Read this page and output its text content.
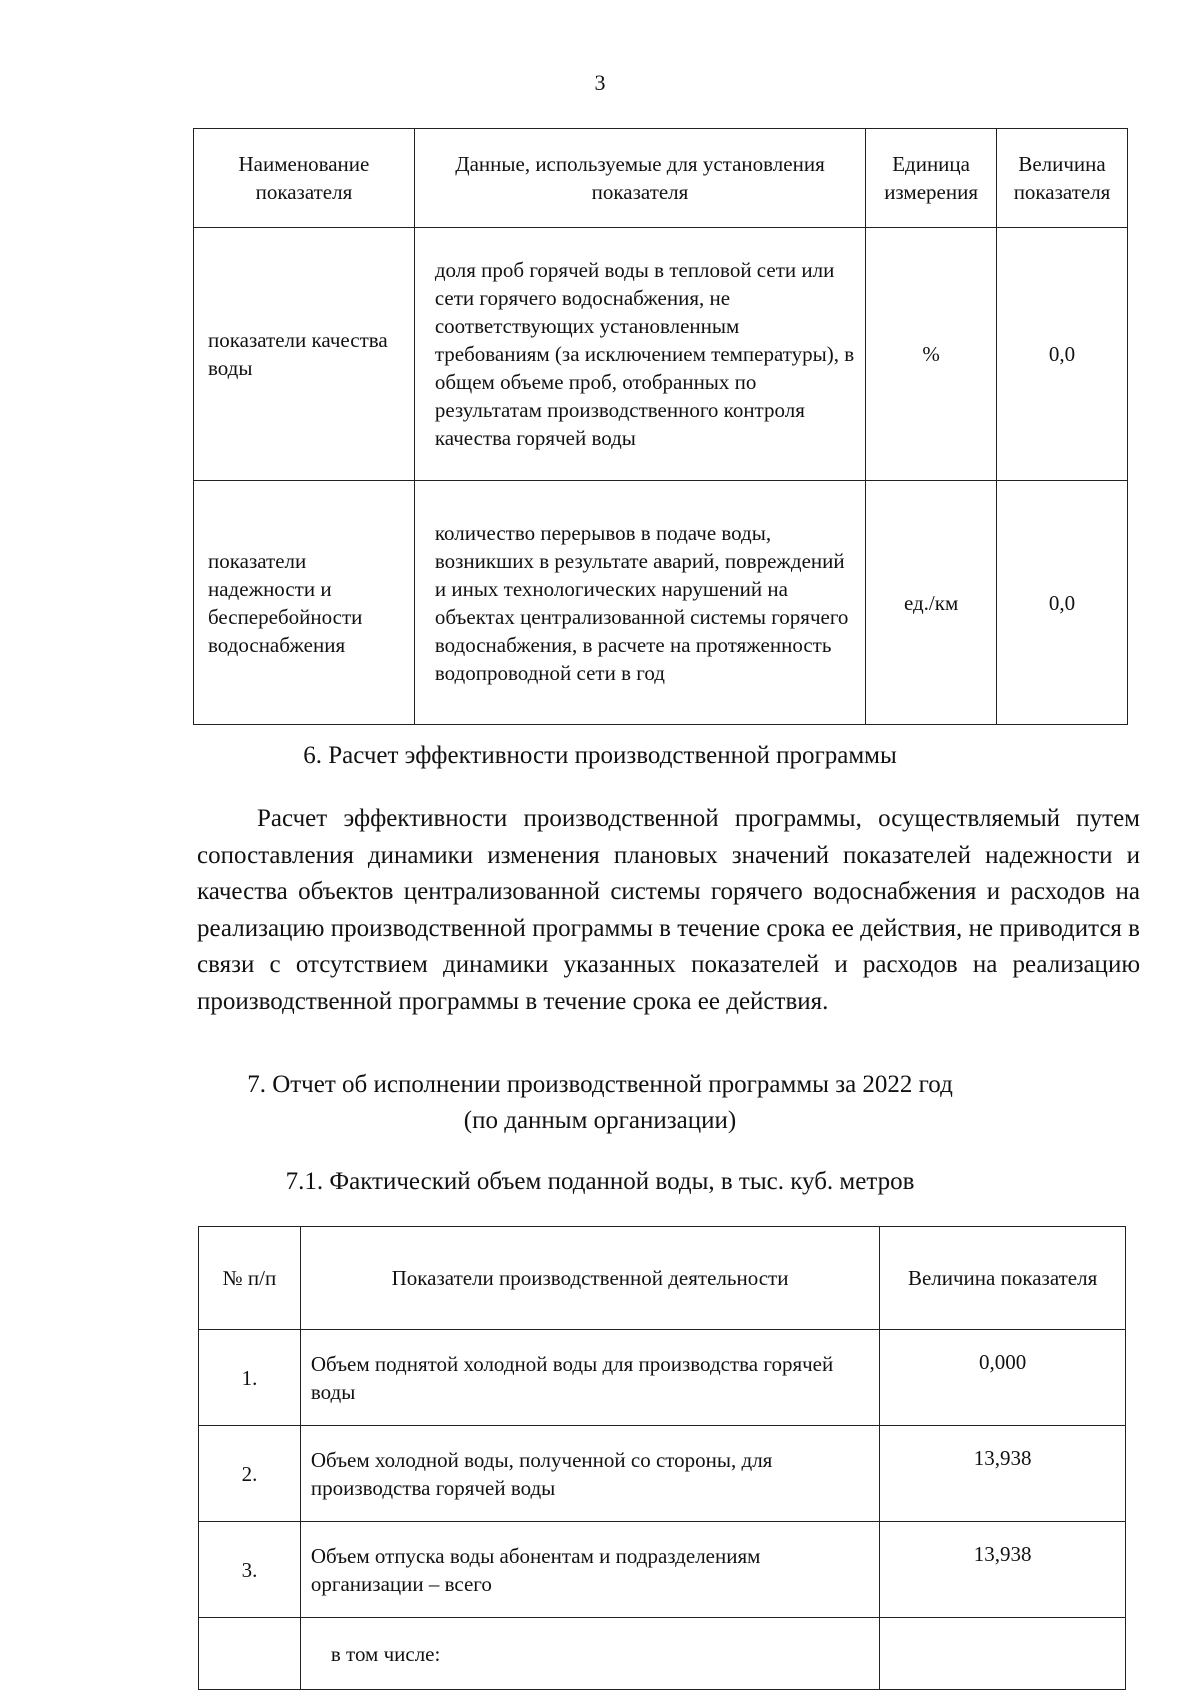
3
Наименование показателя	Данные, используемые для установления показателя	Единица измерения	Величина показателя
показатели качества воды	доля проб горячей воды в тепловой сети или сети горячего водоснабжения, не соответствующих установленным требованиям (за исключением температуры), в общем объеме проб, отобранных по результатам производственного контроля качества горячей воды	%	0,0
показатели надежности и бесперебойности водоснабжения	количество перерывов в подаче воды, возникших в результате аварий, повреждений и иных технологических нарушений на объектах централизованной системы горячего водоснабжения, в расчете на протяженность водопроводной сети в год	ед./км	0,0
6. Расчет эффективности производственной программы

Расчет эффективности производственной программы, осуществляемый путем сопоставления динамики изменения плановых значений показателей надежности и качества объектов централизованной системы горячего водоснабжения и расходов на реализацию производственной программы в течение срока ее действия, не приводится в связи с отсутствием динамики указанных показателей и расходов на реализацию производственной программы в течение срока ее действия.

7. Отчет об исполнении производственной программы за 2022 год
(по данным организации)
7.1. Фактический объем поданной воды, в тыс. куб. метров
№ п/п	Показатели производственной деятельности	Величина показателя
1.	Объем поднятой холодной воды для производства горячей воды	0,000
2.	Объем холодной воды, полученной со стороны, для производства горячей воды	13,938
3.	Объем отпуска воды абонентам и подразделениям организации – всего	13,938
	в том числе:	
